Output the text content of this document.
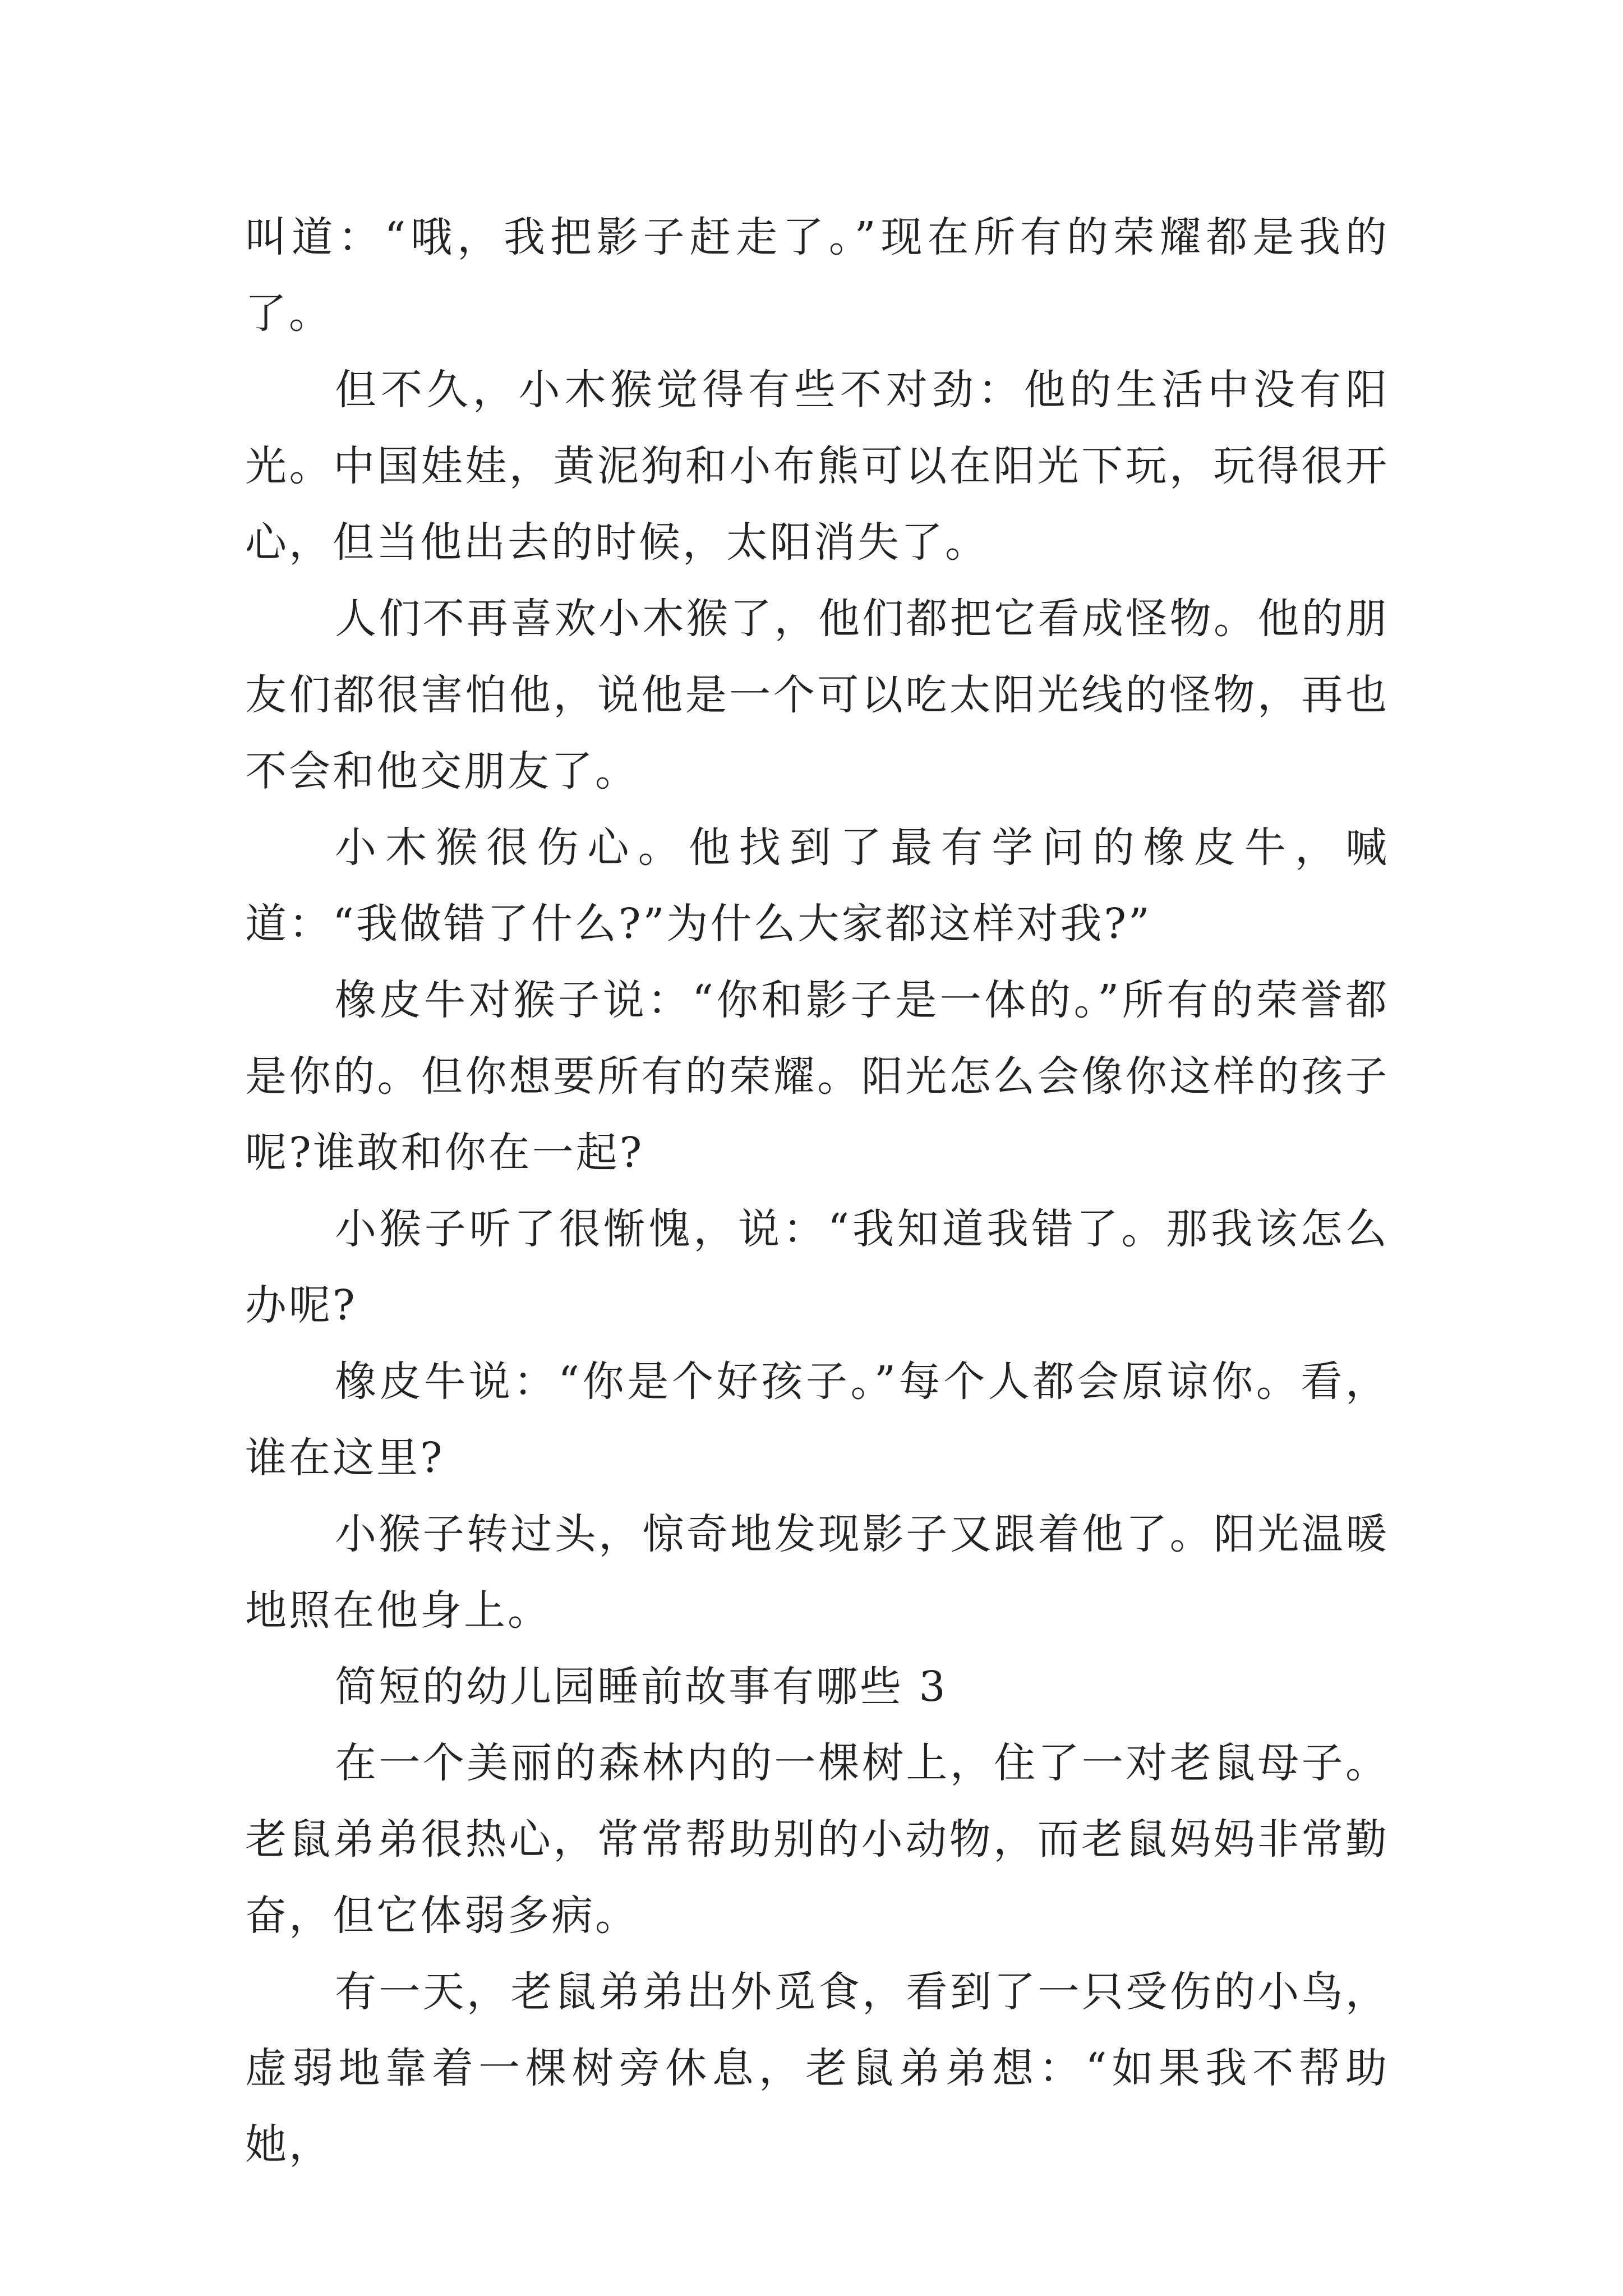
叫道：“哦，我把影子赶走了。”现在所有的荣耀都是我的了。

但不久，小木猴觉得有些不对劲：他的生活中没有阳光。中国娃娃，黄泥狗和小布熊可以在阳光下玩，玩得很开心，但当他出去的时候，太阳消失了。

人们不再喜欢小木猴了，他们都把它看成怪物。他的朋友们都很害怕他，说他是一个可以吃太阳光线的怪物，再也不会和他交朋友了。

小木猴很伤心。他找到了最有学问的橡皮牛，喊道：“我做错了什么?”为什么大家都这样对我?”

橡皮牛对猴子说：“你和影子是一体的。”所有的荣誉都是你的。但你想要所有的荣耀。阳光怎么会像你这样的孩子呢?谁敢和你在一起?

小猴子听了很惭愧，说：“我知道我错了。那我该怎么办呢?

橡皮牛说：“你是个好孩子。”每个人都会原谅你。看，谁在这里?

小猴子转过头，惊奇地发现影子又跟着他了。阳光温暖地照在他身上。

简短的幼儿园睡前故事有哪些 3

在一个美丽的森林内的一棵树上，住了一对老鼠母子。老鼠弟弟很热心，常常帮助别的小动物，而老鼠妈妈非常勤奋，但它体弱多病。

有一天，老鼠弟弟出外觅食，看到了一只受伤的小鸟，虚弱地靠着一棵树旁休息，老鼠弟弟想：“如果我不帮助她，
